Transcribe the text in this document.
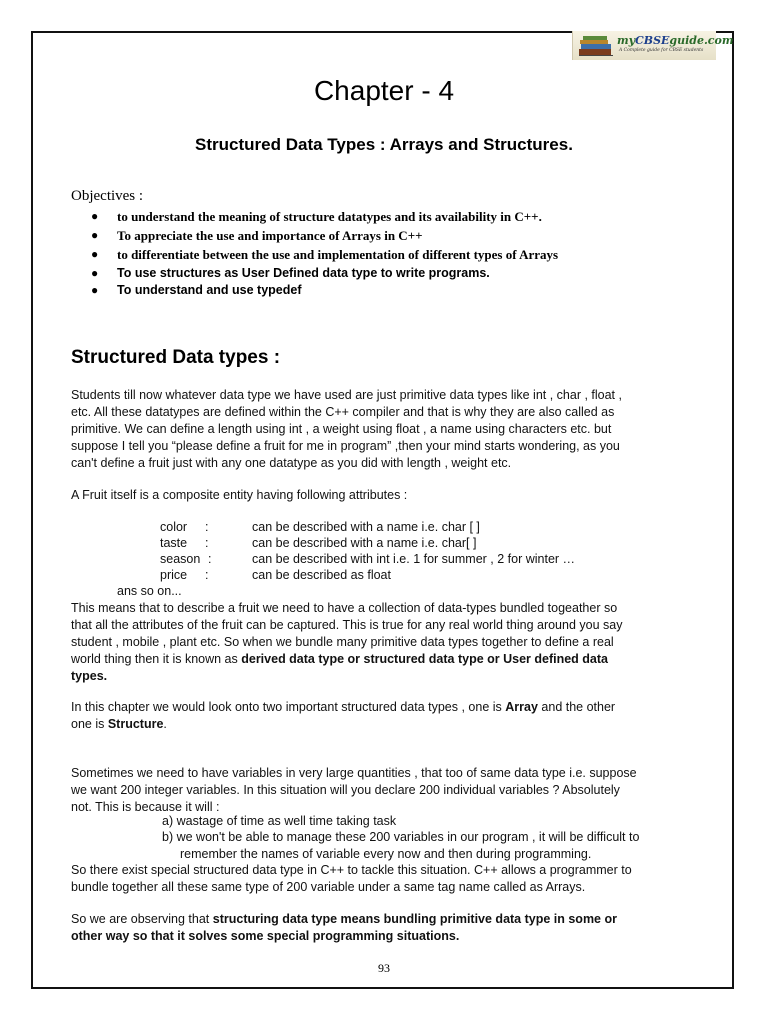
myCBSEguide.com
A Complete guide for CBSE students
Chapter - 4
Structured Data Types : Arrays and Structures.
Objectives :
● to understand the meaning of structure datatypes and its availability in C++.
● To appreciate the use and importance of Arrays in C++
● to differentiate between the use and implementation of different types of Arrays
● To use structures as User Defined data type to write programs.
● To understand and use typedef
Structured Data types :
Students till now whatever data type we have used are just primitive data types like int , char , float ,
etc. All these datatypes are defined within the C++ compiler and that is why they are also called as
primitive. We can define a length using int , a weight using float , a name using characters etc. but
suppose I tell you “please define a fruit for me in program” ,then your mind starts wondering, as you
can't define a fruit just with any one datatype as you did with length , weight etc.
A Fruit itself is a composite entity having following attributes :
color :	can be described with a name i.e. char [ ]
taste :	can be described with a name i.e. char[ ]
season :	can be described with int i.e. 1 for summer , 2 for winter …
price :	can be described as float
ans so on...
This means that to describe a fruit we need to have a collection of data-types bundled togeather so
that all the attributes of the fruit can be captured. This is true for any real world thing around you say
student , mobile , plant etc. So when we bundle many primitive data types together to define a real
world thing then it is known as derived data type or structured data type or User defined data
types.
In this chapter we would look onto two important structured data types , one is Array and the other
one is Structure.
Sometimes we need to have variables in very large quantities , that too of same data type i.e. suppose
we want 200 integer variables. In this situation will you declare 200 individual variables ? Absolutely
not. This is because it will :
a) wastage of time as well time taking task
b) we won't be able to manage these 200 variables in our program , it will be difficult to
remember the names of variable every now and then during programming.
So there exist special structured data type in C++ to tackle this situation. C++ allows a programmer to
bundle together all these same type of 200 variable under a same tag name called as Arrays.
So we are observing that structuring data type means bundling primitive data type in some or
other way so that it solves some special programming situations.
93
